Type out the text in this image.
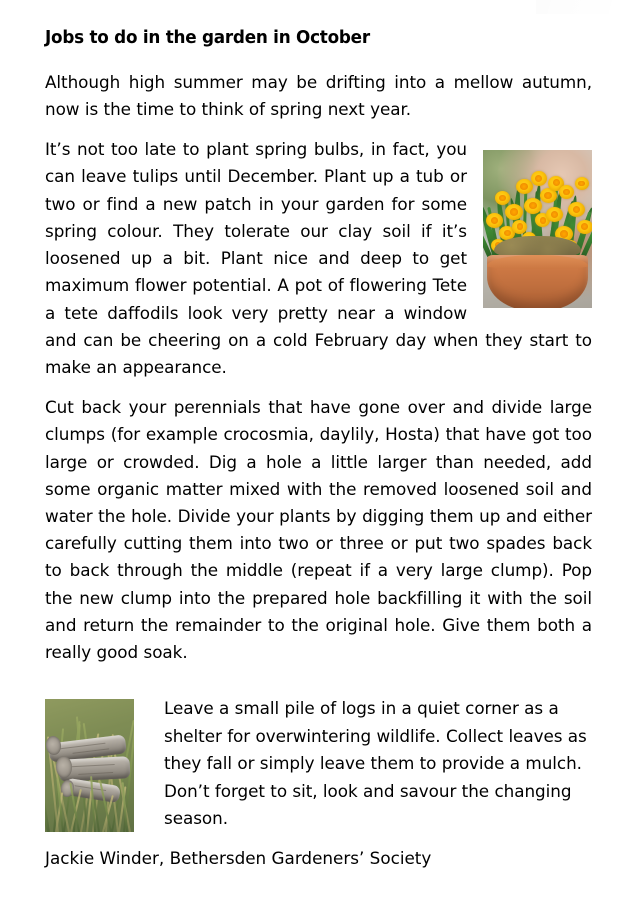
Jobs to do in the garden in October

Although high summer may be drifting into a mellow autumn, now is the time to think of spring next year.

It’s not too late to plant spring bulbs, in fact, you can leave tulips until December. Plant up a tub or two or find a new patch in your garden for some spring colour. They tolerate our clay soil if it’s loosened up a bit. Plant nice and deep to get maximum flower potential. A pot of flowering Tete a tete daffodils look very pretty near a window and can be cheering on a cold February day when they start to make an appearance.

Cut back your perennials that have gone over and divide large clumps (for example crocosmia, daylily, Hosta) that have got too large or crowded. Dig a hole a little larger than needed, add some organic matter mixed with the removed loosened soil and water the hole. Divide your plants by digging them up and either carefully cutting them into two or three or put two spades back to back through the middle (repeat if a very large clump). Pop the new clump into the prepared hole backfilling it with the soil and return the remainder to the original hole. Give them both a really good soak.

Leave a small pile of logs in a quiet corner as a shelter for overwintering wildlife. Collect leaves as they fall or simply leave them to provide a mulch. Don’t forget to sit, look and savour the changing season.

Jackie Winder, Bethersden Gardeners’ Society
